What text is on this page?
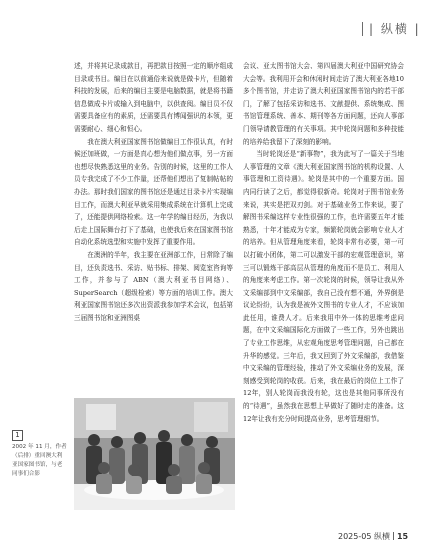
| 纵横 |

述，并将其记录成款目，再把款目按照一定的顺序组成目录或书目。编目在以前通俗来说就是做卡片，但随着科技的发展，后来的编目主要是电脑数据，就是将书籍信息做成卡片或输入到电脑中，以供查阅。编目员不仅需要具备应有的素质，还需要具有博闻强识的本领，更需要耐心、细心和恒心。

我在澳大利亚国家图书馆做编目工作很认真，有时候还加班做，一方面是真心想为他们做点事，另一方面也想尽快熟悉这里的业务。告别的时候，这里的工作人员专我完成了不少工作量，还帮他们想出了复制帖帖的办法。那时我们国家的图书馆还是通过目录卡片实现编目工作，而澳大利亚早就采用集成系统在计算机上完成了，还能提供网络检索。这一年学的编目经历，为我以后走上国际舞台打下了基础，也使我后来在国家图书馆自动化系统选型和实施中发挥了重要作用。

在澳洲的半年，我主要在亚洲部工作，日常除了编目，还负责选书、采访、贴书标、排架、阅览室咨询等工作，并参与了 ABN（澳大利亚书目网络）、SuperSearch（超级检索）等方面的培训工作。澳大利亚国家图书馆还多次出资派我参加学术会议，包括第三届图书馆和亚洲图桌

会议、亚太图书馆大会、第四届澳大利亚中国研究协会大会等。我利用开会和休闲时间走访了澳大利亚各地10多个图书馆，并走访了澳大利亚国家图书馆内的若干部门，了解了包括采访和选书、文献提供、系统集成、图书馆管理系统、善本、期刊等各方面问题，还向人事部门领导请教管理的有关事项。其中轮岗问题和多种技能的培养给我留下了深刻的影响。

当时轮岗还是“新事物”，我为此写了一篇关于当地人事管理的文章《澳大利亚国家图书馆的机构设置、人事管理和工资待遇》。轮岗是其中的一个重要方面。国内同行读了之后，都觉得很新奇。轮岗对于图书馆业务来说，其实是把双刃剑。对于基础业务工作来说，要了解图书采编这样专业性很强的工作，也许需要五年才能熟悉，十年才能成为专家，频繁轮岗就会影响专业人才的培养。但从管理角度来看，轮岗非常有必要，第一可以打破小团体，第二可以激发干部的宏观管理意识，第三可以锻炼干部高层从管理的角度而不是员工、利用人的角度来考虑工作。第一次轮岗的时候，领导让我从外文采编部到中文采编部，我自己没有想不通，外界倒是议论纷纷，认为我是被外文图书的专业人才，不应该加此任用，谁费人才。后来我用中外一体的思维考虑问题，在中文采编国际化方面做了一些工作，另外也跳出了专业工作思维，从宏观角度思考管理问题，自己都在升华的感觉。三年后，我又回到了外文采编部，我借鉴中文采编的管理经验，推动了外文采编业务的发展，深刻感受到轮岗的收获。后来，我在最后的岗位上工作了12年，别人轮岗而我没有轮，这也是其他同事所没有的“待遇”，虽然我在思想上早做好了随时走的准备。这12年让我有充分时间提高业务，思考管理细节。

1
2002 年 11 月，作者（后排）重回澳大利亚国家图书馆，与老同事们合影
2025-05 纵横 15
